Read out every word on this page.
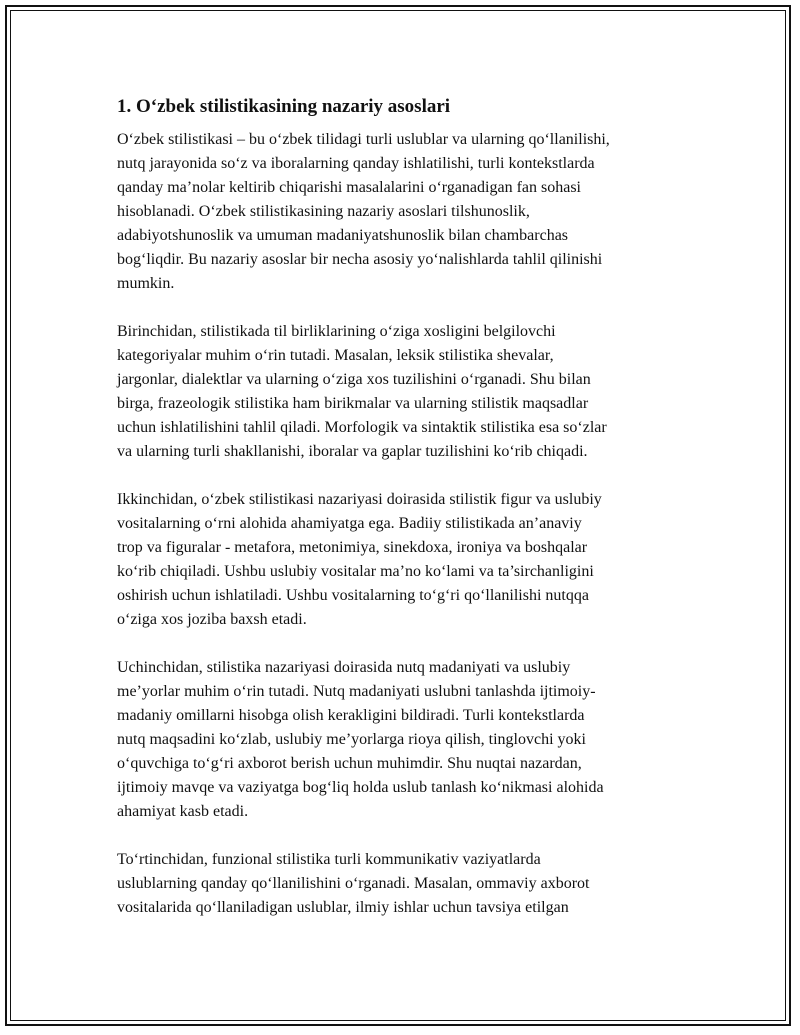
1. O‘zbek stilistikasining nazariy asoslari
O‘zbek stilistikasi – bu o‘zbek tilidagi turli uslublar va ularning qo‘llanilishi,
nutq jarayonida so‘z va iboralarning qanday ishlatilishi, turli kontekstlarda
qanday ma’nolar keltirib chiqarishi masalalarini o‘rganadigan fan sohasi
hisoblanadi. O‘zbek stilistikasining nazariy asoslari tilshunoslik,
adabiyotshunoslik va umuman madaniyatshunoslik bilan chambarchas
bog‘liqdir. Bu nazariy asoslar bir necha asosiy yo‘nalishlarda tahlil qilinishi
mumkin.
Birinchidan, stilistikada til birliklarining o‘ziga xosligini belgilovchi
kategoriyalar muhim o‘rin tutadi. Masalan, leksik stilistika shevalar,
jargonlar, dialektlar va ularning o‘ziga xos tuzilishini o‘rganadi. Shu bilan
birga, frazeologik stilistika ham birikmalar va ularning stilistik maqsadlar
uchun ishlatilishini tahlil qiladi. Morfologik va sintaktik stilistika esa so‘zlar
va ularning turli shakllanishi, iboralar va gaplar tuzilishini ko‘rib chiqadi.
Ikkinchidan, o‘zbek stilistikasi nazariyasi doirasida stilistik figur va uslubiy
vositalarning o‘rni alohida ahamiyatga ega. Badiiy stilistikada an’anaviy
trop va figuralar - metafora, metonimiya, sinekdoxa, ironiya va boshqalar
ko‘rib chiqiladi. Ushbu uslubiy vositalar ma’no ko‘lami va ta’sirchanligini
oshirish uchun ishlatiladi. Ushbu vositalarning to‘g‘ri qo‘llanilishi nutqqa
o‘ziga xos joziba baxsh etadi.
Uchinchidan, stilistika nazariyasi doirasida nutq madaniyati va uslubiy
me’yorlar muhim o‘rin tutadi. Nutq madaniyati uslubni tanlashda ijtimoiy-
madaniy omillarni hisobga olish kerakligini bildiradi. Turli kontekstlarda
nutq maqsadini ko‘zlab, uslubiy me’yorlarga rioya qilish, tinglovchi yoki
o‘quvchiga to‘g‘ri axborot berish uchun muhimdir. Shu nuqtai nazardan,
ijtimoiy mavqe va vaziyatga bog‘liq holda uslub tanlash ko‘nikmasi alohida
ahamiyat kasb etadi.
To‘rtinchidan, funzional stilistika turli kommunikativ vaziyatlarda
uslublarning qanday qo‘llanilishini o‘rganadi. Masalan, ommaviy axborot
vositalarida qo‘llaniladigan uslublar, ilmiy ishlar uchun tavsiya etilgan
